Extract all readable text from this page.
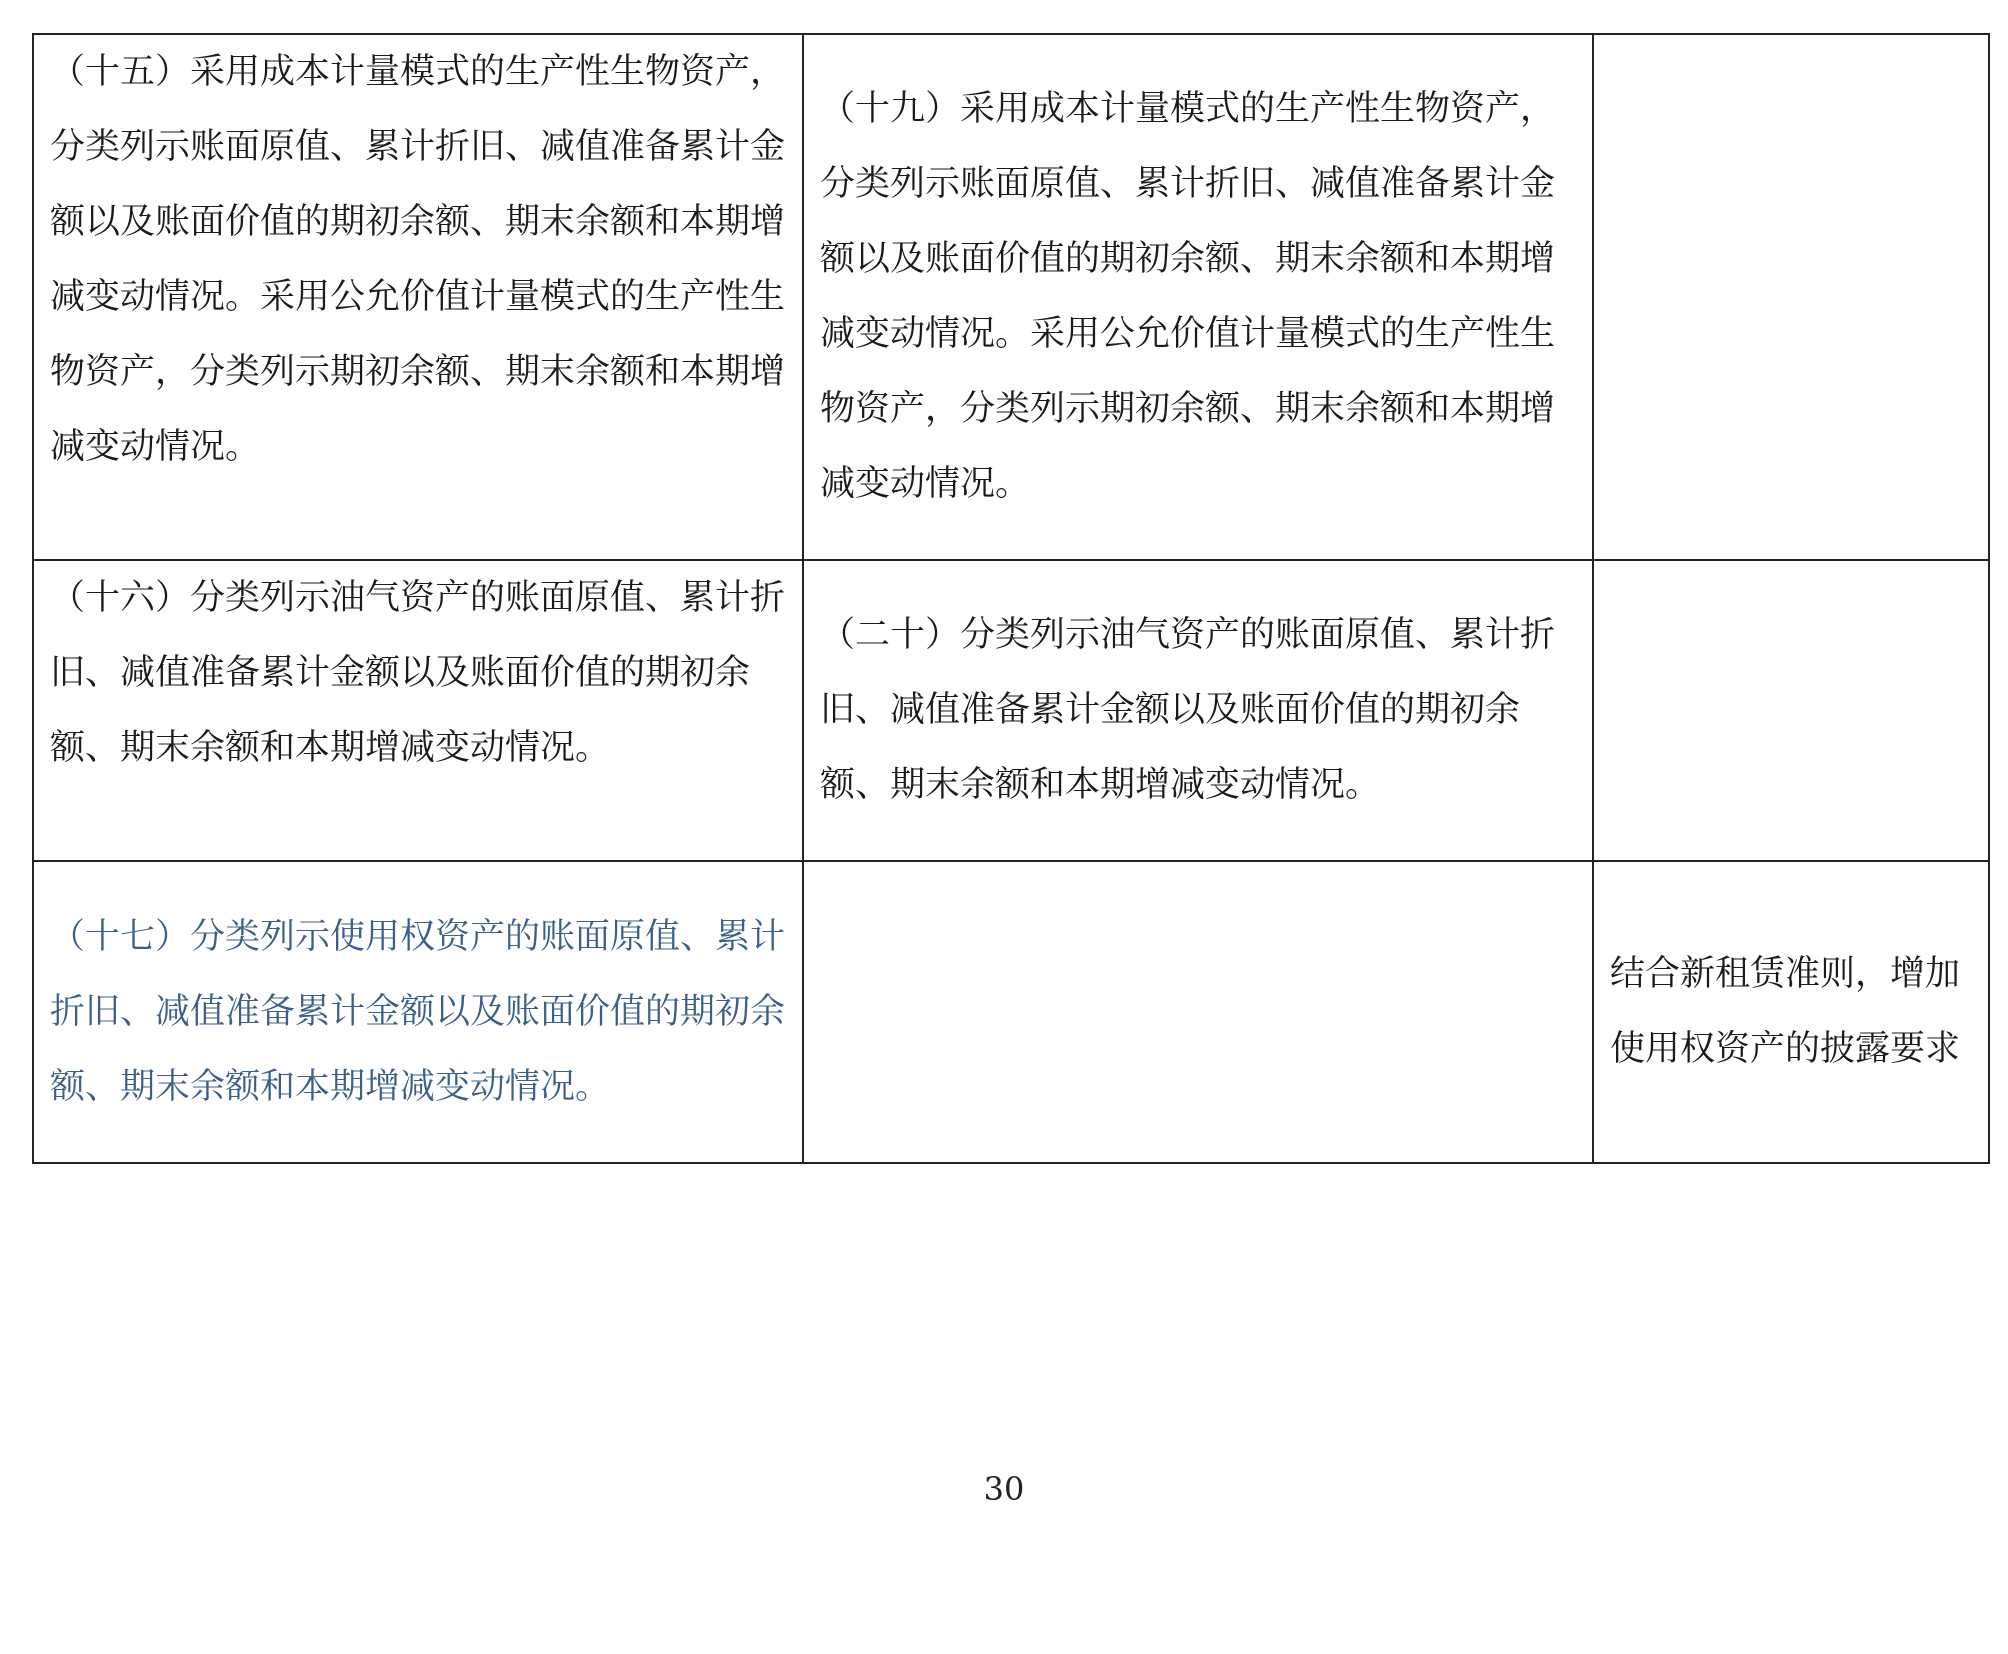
（十五）采用成本计量模式的生产性生物资产，分类列示账面原值、累计折旧、减值准备累计金额以及账面价值的期初余额、期末余额和本期增减变动情况。采用公允价值计量模式的生产性生物资产，分类列示期初余额、期末余额和本期增减变动情况。	（十九）采用成本计量模式的生产性生物资产，分类列示账面原值、累计折旧、减值准备累计金额以及账面价值的期初余额、期末余额和本期增减变动情况。采用公允价值计量模式的生产性生物资产，分类列示期初余额、期末余额和本期增减变动情况。	
（十六）分类列示油气资产的账面原值、累计折旧、减值准备累计金额以及账面价值的期初余额、期末余额和本期增减变动情况。	（二十）分类列示油气资产的账面原值、累计折旧、减值准备累计金额以及账面价值的期初余额、期末余额和本期增减变动情况。	
（十七）分类列示使用权资产的账面原值、累计折旧、减值准备累计金额以及账面价值的期初余额、期末余额和本期增减变动情况。		结合新租赁准则，增加使用权资产的披露要求
30
